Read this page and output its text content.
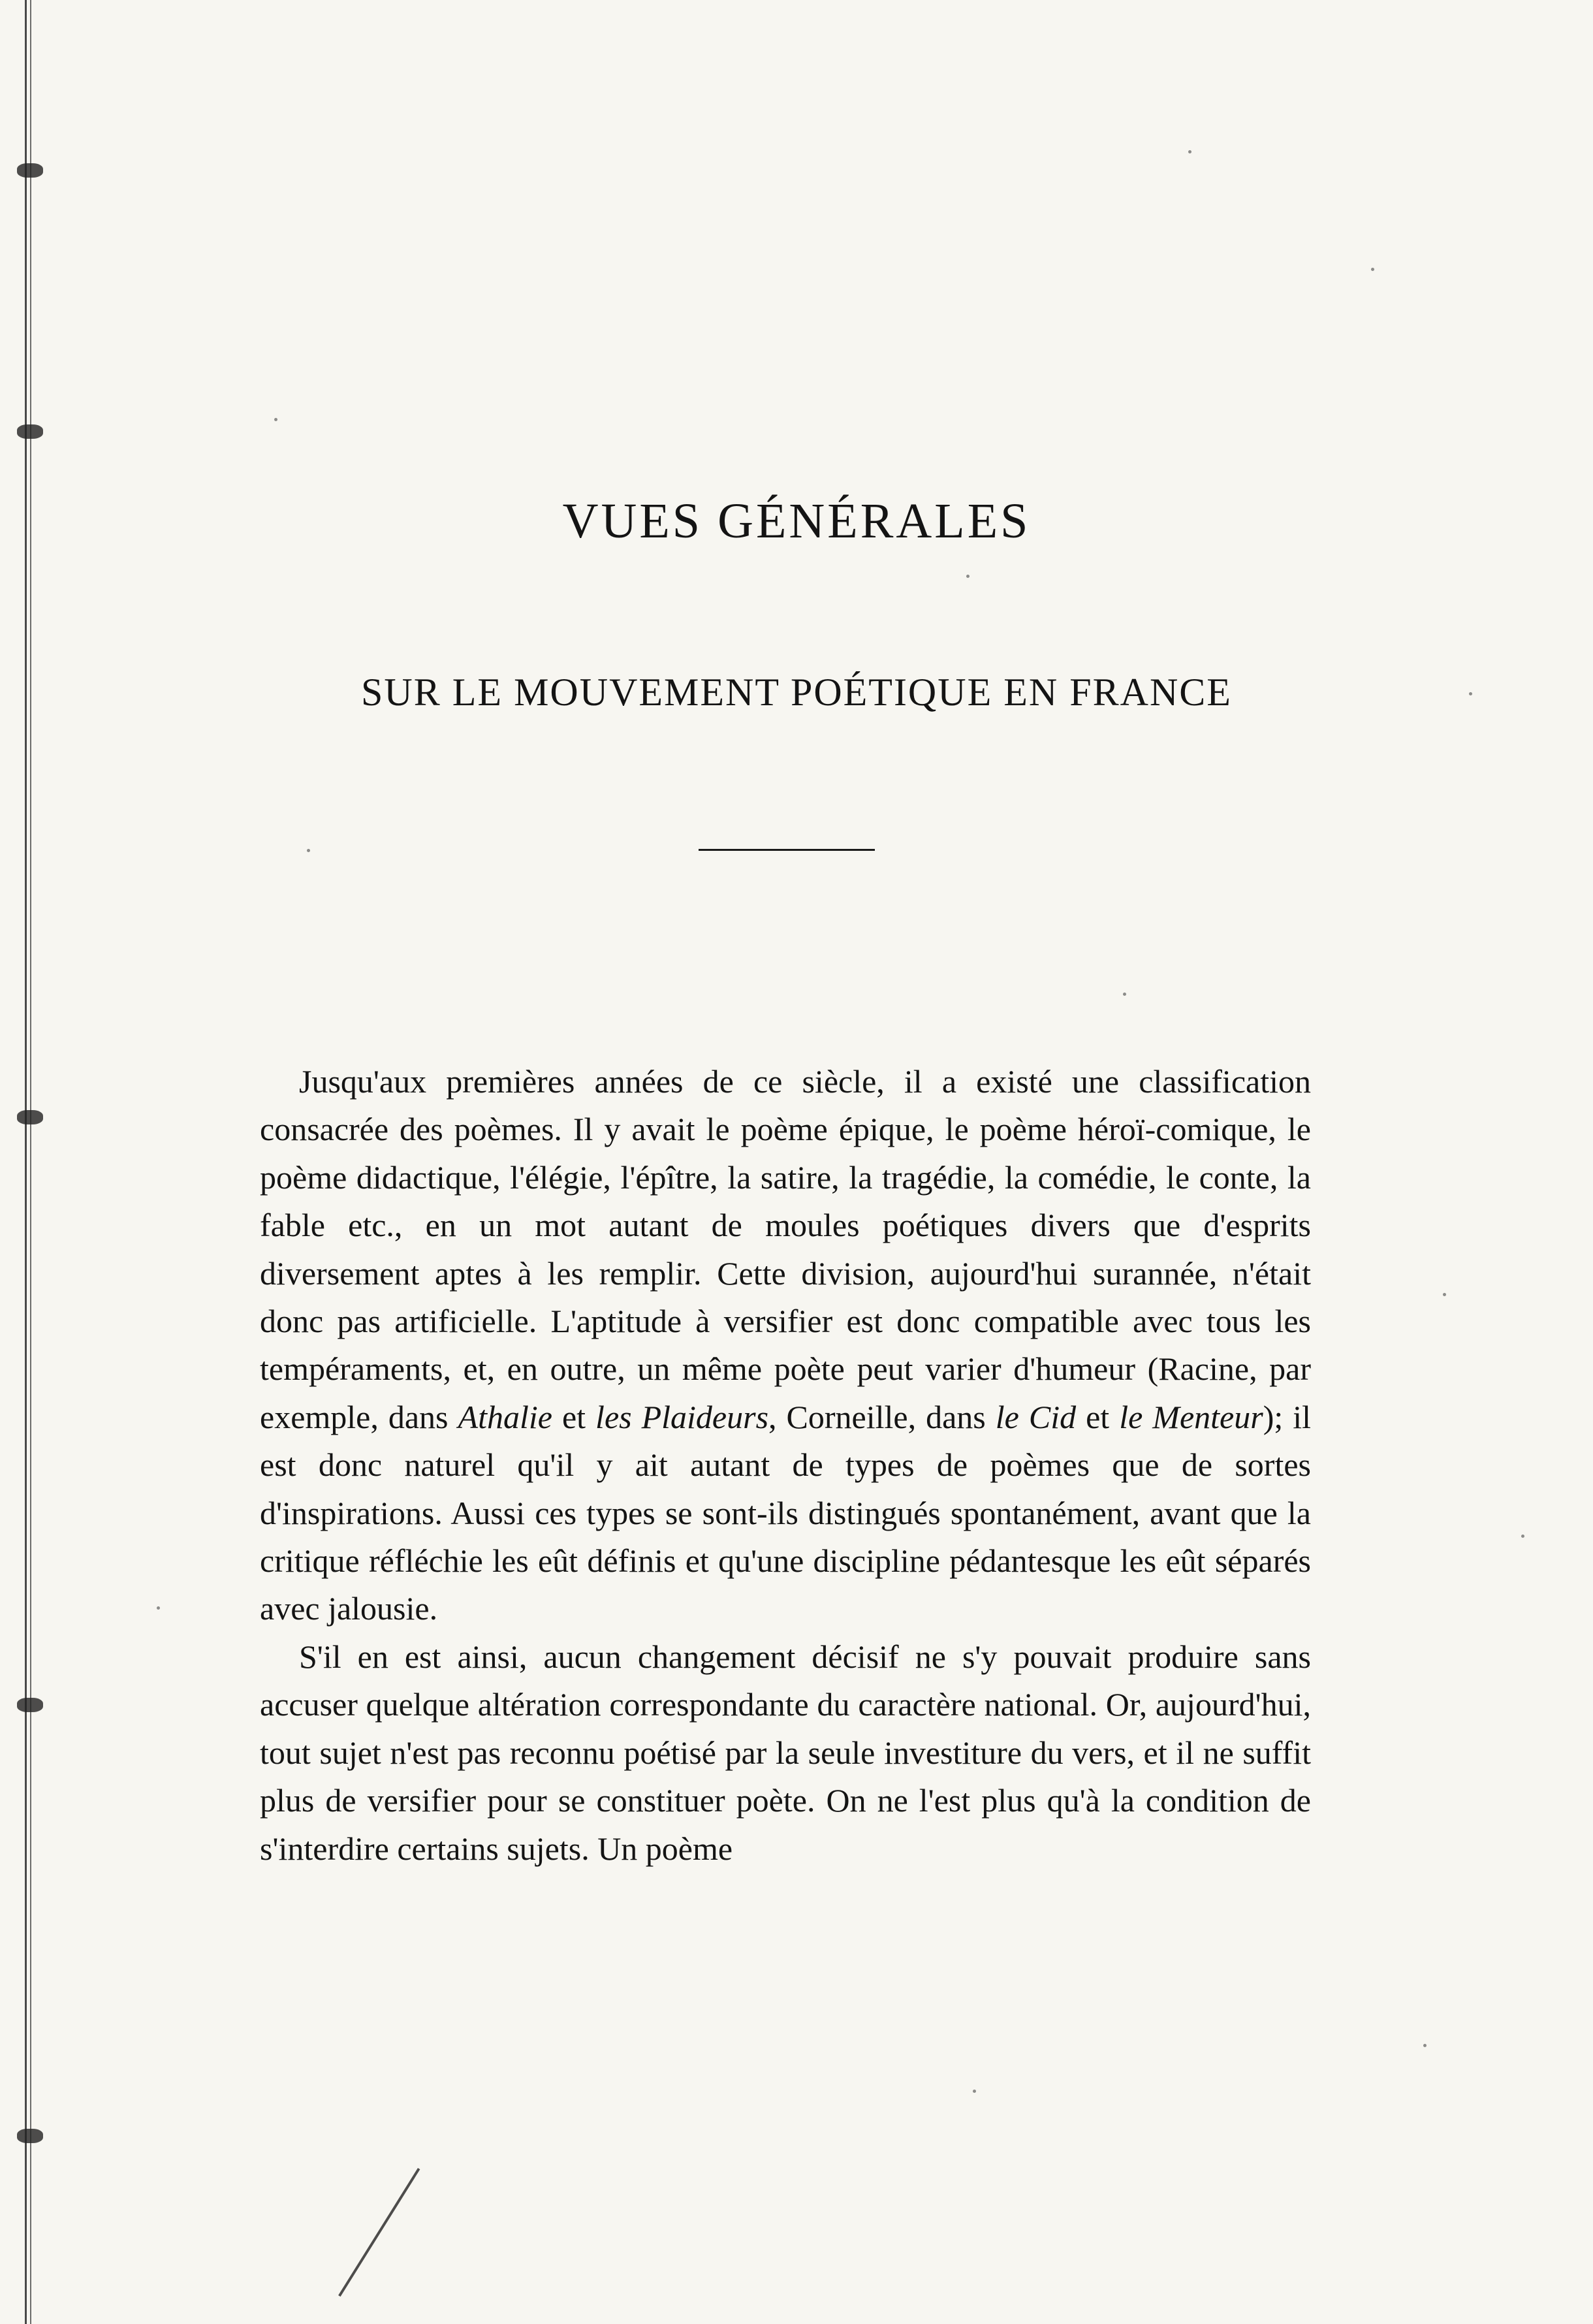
VUES GÉNÉRALES
SUR LE MOUVEMENT POÉTIQUE EN FRANCE

Jusqu'aux premières années de ce siècle, il a existé une classification consacrée des poèmes. Il y avait le poème épique, le poème héroï-comique, le poème didactique, l'élégie, l'épître, la satire, la tragédie, la comédie, le conte, la fable etc., en un mot autant de moules poétiques divers que d'esprits diversement aptes à les remplir. Cette division, aujourd'hui surannée, n'était donc pas artificielle. L'aptitude à versifier est donc compatible avec tous les tempéraments, et, en outre, un même poète peut varier d'humeur (Racine, par exemple, dans Athalie et les Plaideurs, Corneille, dans le Cid et le Menteur); il est donc naturel qu'il y ait autant de types de poèmes que de sortes d'inspirations. Aussi ces types se sont-ils distingués spontanément, avant que la critique réfléchie les eût définis et qu'une discipline pédantesque les eût séparés avec jalousie.

S'il en est ainsi, aucun changement décisif ne s'y pouvait produire sans accuser quelque altération correspondante du caractère national. Or, aujourd'hui, tout sujet n'est pas reconnu poétisé par la seule investiture du vers, et il ne suffit plus de versifier pour se constituer poète. On ne l'est plus qu'à la condition de s'interdire certains sujets. Un poème
